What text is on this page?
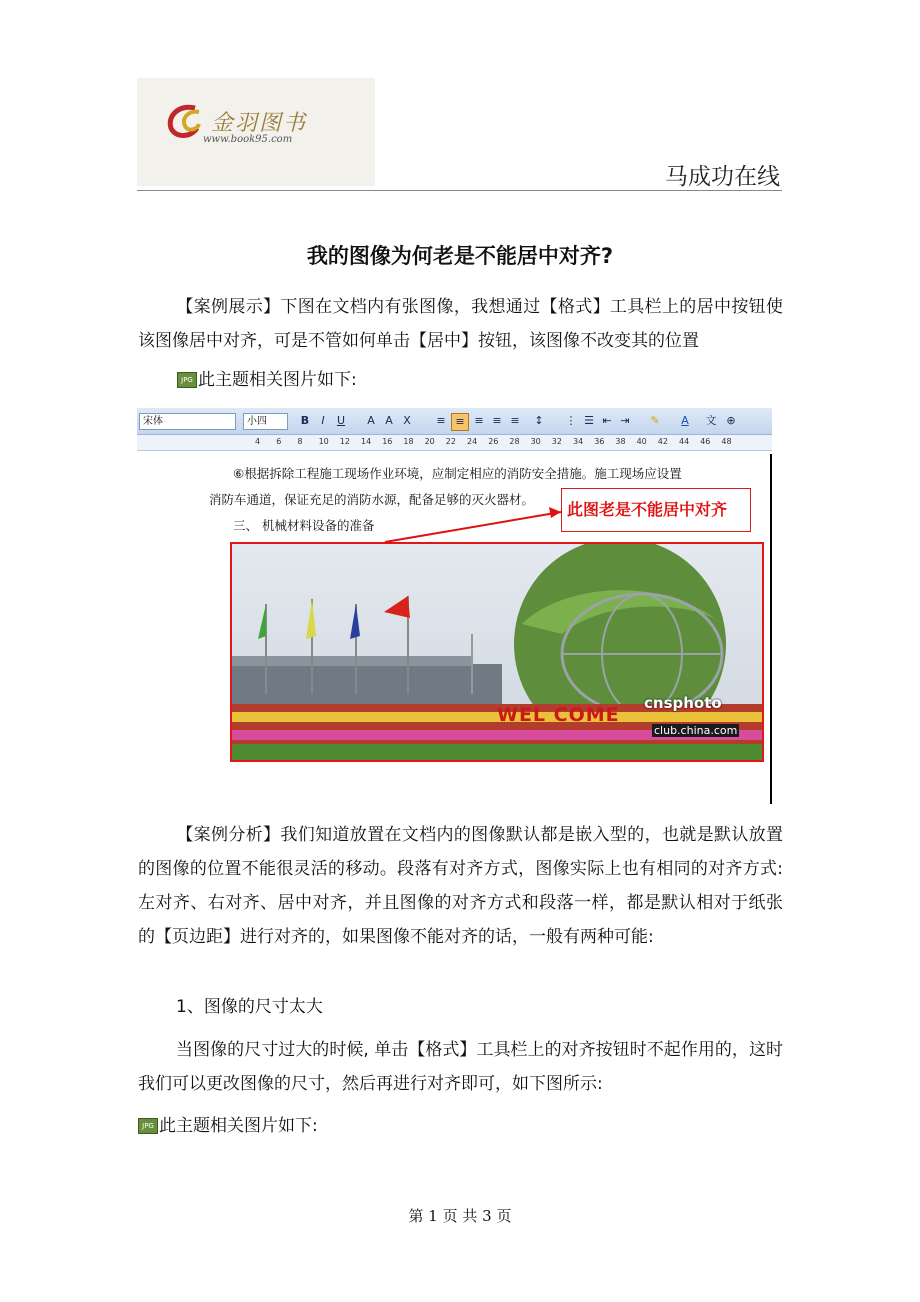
金羽图书
www.book95.com
马成功在线
我的图像为何老是不能居中对齐?
【案例展示】下图在文档内有张图像，我想通过【格式】工具栏上的居中按钮使该图像居中对齐，可是不管如何单击【居中】按钮，该图像不改变其的位置
JPG 此主题相关图片如下:
宋体	小四	B	I	U	A A X	≡ ≡ ≡ ≡ ≡	↕	⋮ ☰ ⇤ ⇥	✎	A	文 ⊕
4 6 8 10 12 14 16 18 20 22 24 26 28 30 32 34 36 38 40 42 44 46 48
⑥根据拆除工程施工现场作业环境，应制定相应的消防安全措施。施工现场应设置
消防车通道，保证充足的消防水源，配备足够的灭火器材。
三、 机械材料设备的准备
此图老是不能居中对齐
WEL COME
cnsphoto
club.china.com
【案例分析】我们知道放置在文档内的图像默认都是嵌入型的，也就是默认放置的图像的位置不能很灵活的移动。段落有对齐方式，图像实际上也有相同的对齐方式: 左对齐、右对齐、居中对齐，并且图像的对齐方式和段落一样，都是默认相对于纸张的【页边距】进行对齐的，如果图像不能对齐的话，一般有两种可能:
1、图像的尺寸太大
当图像的尺寸过大的时候, 单击【格式】工具栏上的对齐按钮时不起作用的，这时我们可以更改图像的尺寸，然后再进行对齐即可，如下图所示:
JPG 此主题相关图片如下:
第 1 页 共 3 页
